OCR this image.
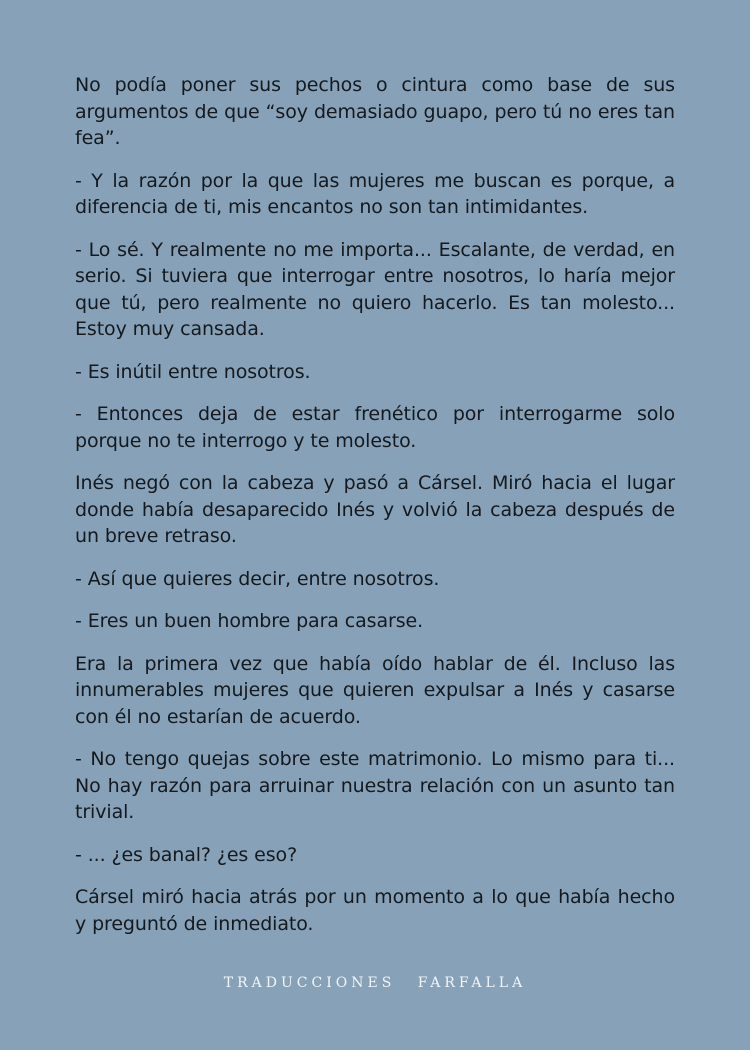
No podía poner sus pechos o cintura como base de sus argumentos de que “soy demasiado guapo, pero tú no eres tan fea”.

- Y la razón por la que las mujeres me buscan es porque, a diferencia de ti, mis encantos no son tan intimidantes.

- Lo sé. Y realmente no me importa... Escalante, de verdad, en serio. Si tuviera que interrogar entre nosotros, lo haría mejor que tú, pero realmente no quiero hacerlo. Es tan molesto... Estoy muy cansada.

- Es inútil entre nosotros.

- Entonces deja de estar frenético por interrogarme solo porque no te interrogo y te molesto.

Inés negó con la cabeza y pasó a Cársel. Miró hacia el lugar donde había desaparecido Inés y volvió la cabeza después de un breve retraso.

- Así que quieres decir, entre nosotros.

- Eres un buen hombre para casarse.

Era la primera vez que había oído hablar de él. Incluso las innumerables mujeres que quieren expulsar a Inés y casarse con él no estarían de acuerdo.

- No tengo quejas sobre este matrimonio. Lo mismo para ti... No hay razón para arruinar nuestra relación con un asunto tan trivial.

- ... ¿es banal? ¿es eso?

Cársel miró hacia atrás por un momento a lo que había hecho y preguntó de inmediato.

TRADUCCIONES FARFALLA
